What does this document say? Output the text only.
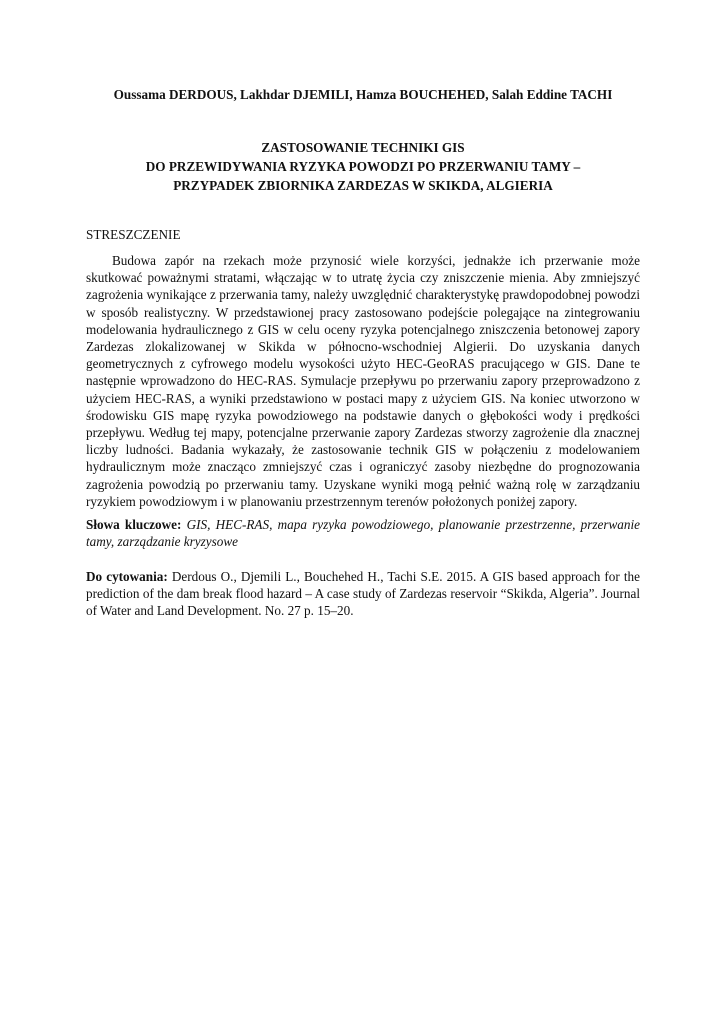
Oussama DERDOUS, Lakhdar DJEMILI, Hamza BOUCHEHED, Salah Eddine TACHI
ZASTOSOWANIE TECHNIKI GIS
DO PRZEWIDYWANIA RYZYKA POWODZI PO PRZERWANIU TAMY –
PRZYPADEK ZBIORNIKA ZARDEZAS W SKIKDA, ALGIERIA
STRESZCZENIE

Budowa zapór na rzekach może przynosić wiele korzyści, jednakże ich przerwanie może skutkować poważnymi stratami, włączając w to utratę życia czy zniszczenie mienia. Aby zmniejszyć zagrożenia wynikające z przerwania tamy, należy uwzględnić charakterystykę prawdopodobnej powodzi w sposób realistyczny. W przedstawionej pracy zastosowano podejście polegające na zintegrowaniu modelowania hydraulicznego z GIS w celu oceny ryzyka potencjalnego zniszczenia betonowej zapory Zardezas zlokalizowanej w Skikda w północno-wschodniej Algierii. Do uzyskania danych geometrycznych z cyfrowego modelu wysokości użyto HEC-GeoRAS pracującego w GIS. Dane te następnie wprowadzono do HEC-RAS. Symulacje przepływu po przerwaniu zapory przeprowadzono z użyciem HEC-RAS, a wyniki przedstawiono w postaci mapy z użyciem GIS. Na koniec utworzono w środowisku GIS mapę ryzyka powodziowego na podstawie danych o głębokości wody i prędkości przepływu. Według tej mapy, potencjalne przerwanie zapory Zardezas stworzy zagrożenie dla znacznej liczby ludności. Badania wykazały, że zastosowanie technik GIS w połączeniu z modelowaniem hydraulicznym może znacząco zmniejszyć czas i ograniczyć zasoby niezbędne do prognozowania zagrożenia powodzią po przerwaniu tamy. Uzyskane wyniki mogą pełnić ważną rolę w zarządzaniu ryzykiem powodziowym i w planowaniu przestrzennym terenów położonych poniżej zapory.

Słowa kluczowe: GIS, HEC-RAS, mapa ryzyka powodziowego, planowanie przestrzenne, przerwanie tamy, zarządzanie kryzysowe

Do cytowania: Derdous O., Djemili L., Bouchehed H., Tachi S.E. 2015. A GIS based approach for the prediction of the dam break flood hazard – A case study of Zardezas reservoir “Skikda, Algeria”. Journal of Water and Land Development. No. 27 p. 15–20.
